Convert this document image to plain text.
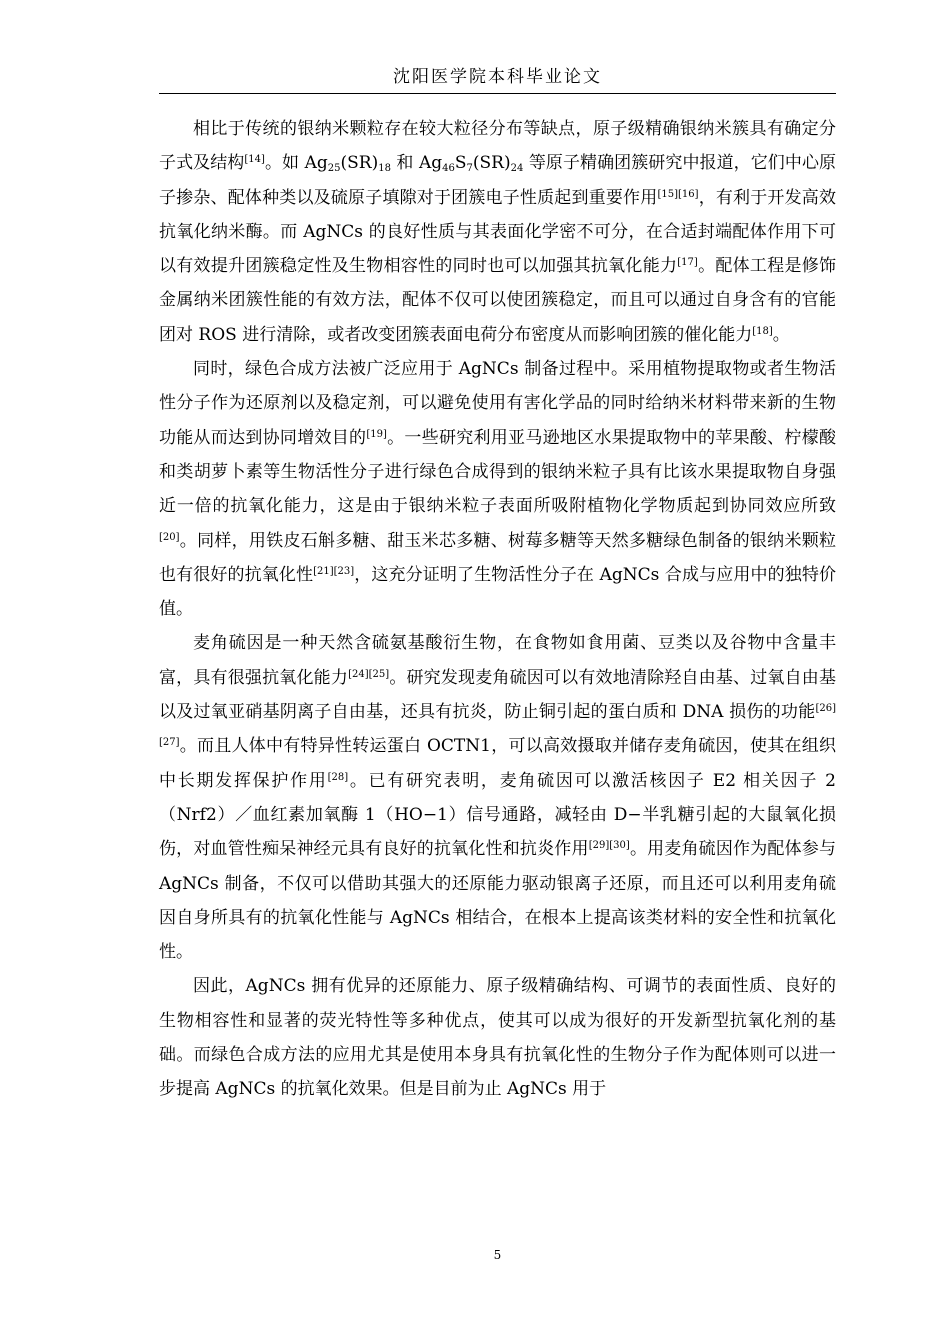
沈阳医学院本科毕业论文

相比于传统的银纳米颗粒存在较大粒径分布等缺点，原子级精确银纳米簇具有确定分子式及结构[14]。如 $Ag_{25}(SR)_{18}$ 和 $Ag_{46}S_7(SR)_{24}$ 等原子精确团簇研究中报道，它们中心原子掺杂、配体种类以及硫原子填隙对于团簇电子性质起到重要作用[15][16]，有利于开发高效抗氧化纳米酶。而 AgNCs 的良好性质与其表面化学密不可分，在合适封端配体作用下可以有效提升团簇稳定性及生物相容性的同时也可以加强其抗氧化能力[17]。配体工程是修饰金属纳米团簇性能的有效方法，配体不仅可以使团簇稳定，而且可以通过自身含有的官能团对 ROS 进行清除，或者改变团簇表面电荷分布密度从而影响团簇的催化能力[18]。

同时，绿色合成方法被广泛应用于 AgNCs 制备过程中。采用植物提取物或者生物活性分子作为还原剂以及稳定剂，可以避免使用有害化学品的同时给纳米材料带来新的生物功能从而达到协同增效目的[19]。一些研究利用亚马逊地区水果提取物中的苹果酸、柠檬酸和类胡萝卜素等生物活性分子进行绿色合成得到的银纳米粒子具有比该水果提取物自身强近一倍的抗氧化能力，这是由于银纳米粒子表面所吸附植物化学物质起到协同效应所致[20]。同样，用铁皮石斛多糖、甜玉米芯多糖、树莓多糖等天然多糖绿色制备的银纳米颗粒也有很好的抗氧化性[21][23]，这充分证明了生物活性分子在 AgNCs 合成与应用中的独特价值。

麦角硫因是一种天然含硫氨基酸衍生物，在食物如食用菌、豆类以及谷物中含量丰富，具有很强抗氧化能力[24][25]。研究发现麦角硫因可以有效地清除羟自由基、过氧自由基以及过氧亚硝基阴离子自由基，还具有抗炎，防止铜引起的蛋白质和 DNA 损伤的功能[26][27]。而且人体中有特异性转运蛋白 OCTN1，可以高效摄取并储存麦角硫因，使其在组织中长期发挥保护作用[28]。已有研究表明，麦角硫因可以激活核因子 E2 相关因子 2（Nrf2）／血红素加氧酶 1（HO−1）信号通路，减轻由 D−半乳糖引起的大鼠氧化损伤，对血管性痴呆神经元具有良好的抗氧化性和抗炎作用[29][30]。用麦角硫因作为配体参与 AgNCs 制备，不仅可以借助其强大的还原能力驱动银离子还原，而且还可以利用麦角硫因自身所具有的抗氧化性能与 AgNCs 相结合，在根本上提高该类材料的安全性和抗氧化性。

因此，AgNCs 拥有优异的还原能力、原子级精确结构、可调节的表面性质、良好的生物相容性和显著的荧光特性等多种优点，使其可以成为很好的开发新型抗氧化剂的基础。而绿色合成方法的应用尤其是使用本身具有抗氧化性的生物分子作为配体则可以进一步提高 AgNCs 的抗氧化效果。但是目前为止 AgNCs 用于

5
